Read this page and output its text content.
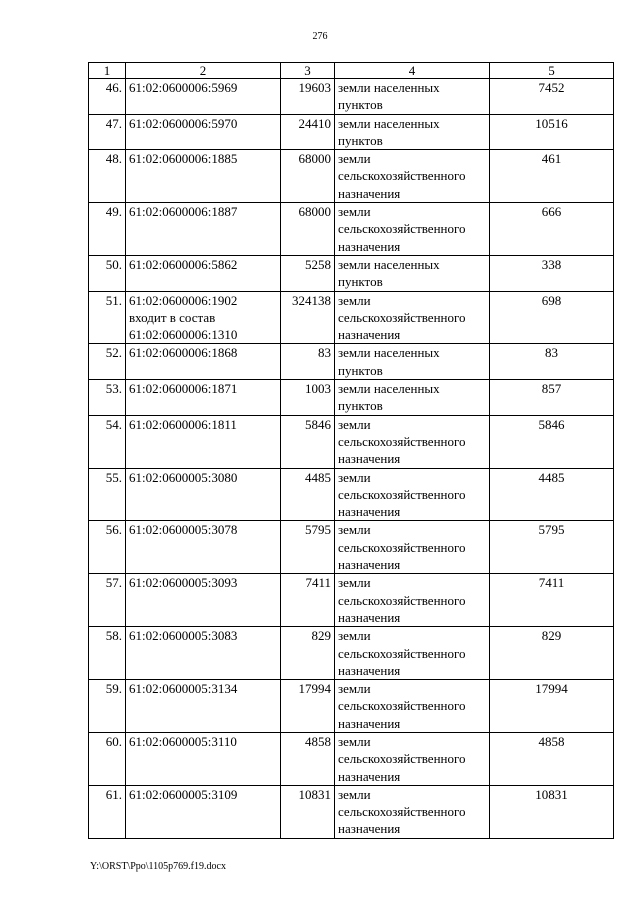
276
1	2	3	4	5
46.	61:02:0600006:5969	19603	земли населенных
пунктов	7452
47.	61:02:0600006:5970	24410	земли населенных
пунктов	10516
48.	61:02:0600006:1885	68000	земли
сельскохозяйственного
назначения	461
49.	61:02:0600006:1887	68000	земли
сельскохозяйственного
назначения	666
50.	61:02:0600006:5862	5258	земли населенных
пунктов	338
51.	61:02:0600006:1902
входит в состав
61:02:0600006:1310	324138	земли
сельскохозяйственного
назначения	698
52.	61:02:0600006:1868	83	земли населенных
пунктов	83
53.	61:02:0600006:1871	1003	земли населенных
пунктов	857
54.	61:02:0600006:1811	5846	земли
сельскохозяйственного
назначения	5846
55.	61:02:0600005:3080	4485	земли
сельскохозяйственного
назначения	4485
56.	61:02:0600005:3078	5795	земли
сельскохозяйственного
назначения	5795
57.	61:02:0600005:3093	7411	земли
сельскохозяйственного
назначения	7411
58.	61:02:0600005:3083	829	земли
сельскохозяйственного
назначения	829
59.	61:02:0600005:3134	17994	земли
сельскохозяйственного
назначения	17994
60.	61:02:0600005:3110	4858	земли
сельскохозяйственного
назначения	4858
61.	61:02:0600005:3109	10831	земли
сельскохозяйственного
назначения	10831
Y:\ORST\Ppo\1105p769.f19.docx
